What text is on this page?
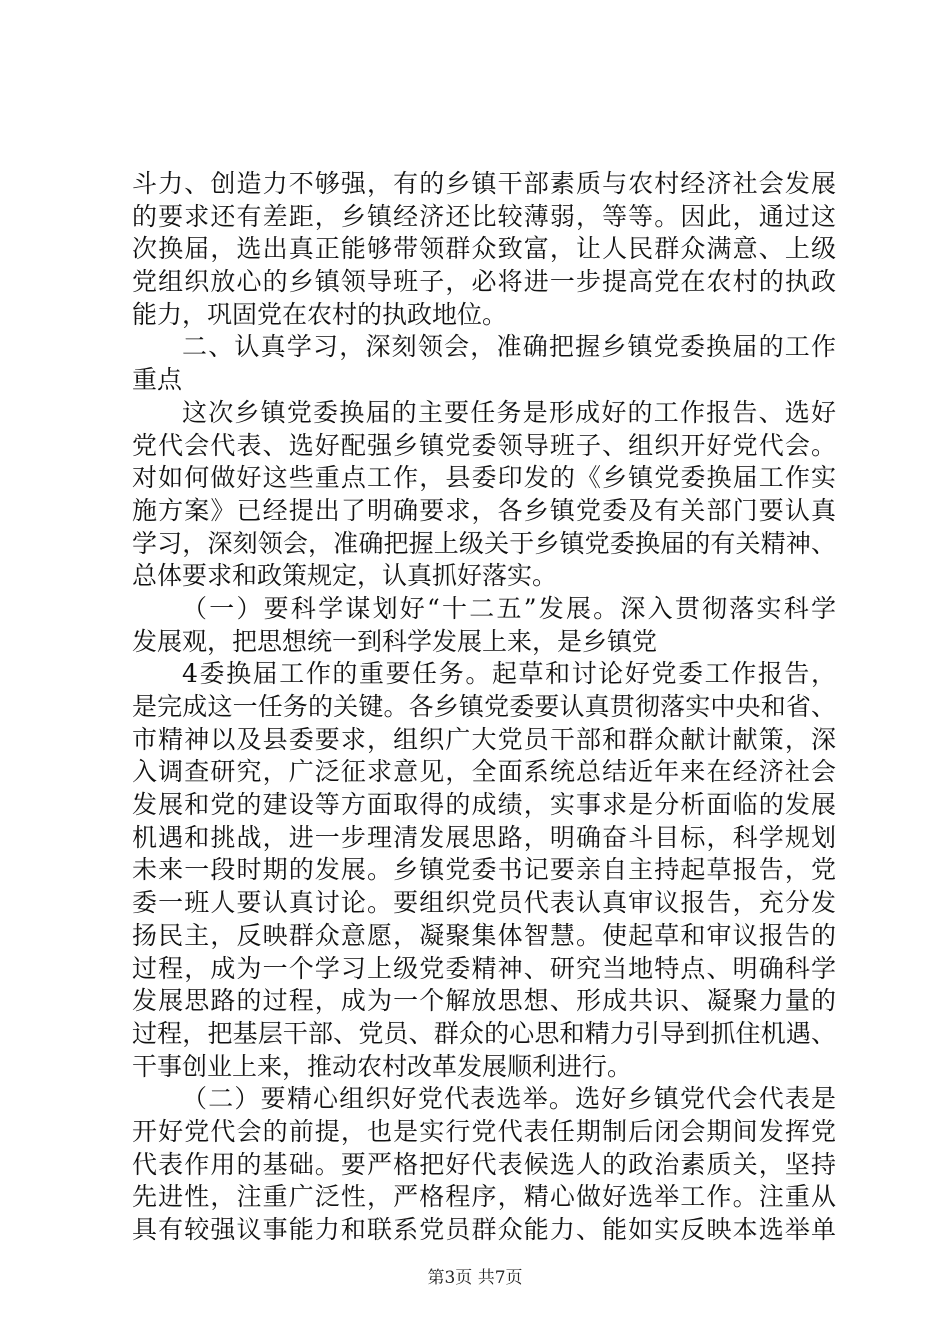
斗力、创造力不够强，有的乡镇干部素质与农村经济社会发展
的要求还有差距，乡镇经济还比较薄弱，等等。因此，通过这
次换届，选出真正能够带领群众致富，让人民群众满意、上级
党组织放心的乡镇领导班子，必将进一步提高党在农村的执政
能力，巩固党在农村的执政地位。
二、认真学习，深刻领会，准确把握乡镇党委换届的工作
重点
这次乡镇党委换届的主要任务是形成好的工作报告、选好
党代会代表、选好配强乡镇党委领导班子、组织开好党代会。
对如何做好这些重点工作，县委印发的《乡镇党委换届工作实
施方案》已经提出了明确要求，各乡镇党委及有关部门要认真
学习，深刻领会，准确把握上级关于乡镇党委换届的有关精神、
总体要求和政策规定，认真抓好落实。
（一）要科学谋划好“十二五”发展。深入贯彻落实科学
发展观，把思想统一到科学发展上来，是乡镇党
4委换届工作的重要任务。起草和讨论好党委工作报告，
是完成这一任务的关键。各乡镇党委要认真贯彻落实中央和省、
市精神以及县委要求，组织广大党员干部和群众献计献策，深
入调查研究，广泛征求意见，全面系统总结近年来在经济社会
发展和党的建设等方面取得的成绩，实事求是分析面临的发展
机遇和挑战，进一步理清发展思路，明确奋斗目标，科学规划
未来一段时期的发展。乡镇党委书记要亲自主持起草报告，党
委一班人要认真讨论。要组织党员代表认真审议报告，充分发
扬民主，反映群众意愿，凝聚集体智慧。使起草和审议报告的
过程，成为一个学习上级党委精神、研究当地特点、明确科学
发展思路的过程，成为一个解放思想、形成共识、凝聚力量的
过程，把基层干部、党员、群众的心思和精力引导到抓住机遇、
干事创业上来，推动农村改革发展顺利进行。
（二）要精心组织好党代表选举。选好乡镇党代会代表是
开好党代会的前提，也是实行党代表任期制后闭会期间发挥党
代表作用的基础。要严格把好代表候选人的政治素质关，坚持
先进性，注重广泛性，严格程序，精心做好选举工作。注重从
具有较强议事能力和联系党员群众能力、能如实反映本选举单
第3页 共7页
